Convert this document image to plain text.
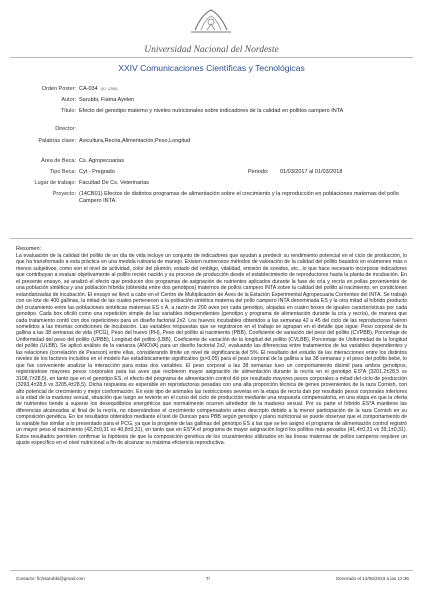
Universidad Nacional del Nordeste
XXIV Comunicaciones Científicas y Tecnológicas
Orden Poster: CA-034 (ID: 1290)
Autor: Sarubbi, Fiama Ayelen
Título: Efecto del genotipo materno y niveles nutricionales sobre indicadores de la calidad en pollitos campero INTA
Director:
Palabras clave: Avicultura,Recria,Alimentación,Peso,Longitud
Área de Beca: Cs. Agropecuarias
Tipo Beca: Cyt - Pregrado	Periodo: 01/03/2017 al 01/03/2018
Lugar de trabajo: Facultad De Cs. Veterinarias
Proyecto: (14CB01) Efectos de distintos programas de alimentación sobre el crecimiento y la reproducción en poblaciones maternas del pollo Campero INTA.
Resumen:
La evaluación de la calidad del pollito de un día de vida incluye un conjunto de indicadores que ayudan a predecir su rendimiento potencial en el ciclo de producción, lo que ha transformado a esta práctica en una medida rutinaria de manejo. Existen numerosos métodos de valoración de la calidad del pollito basados en exámenes más o menos subjetivos, como son el nivel de actividad, color del plumón, estado del ombligo, vitalidad, emisión de sonidos, etc., lo que hace necesario incorporar indicadores que contribuyan a evaluar objetivamente al pollito recién nacido y su proceso de producción desde el establecimiento de reproductores hasta la planta de incubación. En el presente ensayo, se analizó el efecto que producen dos programas de asignación de nutrientes aplicados durante la fase de cría y recría en pollas provenientes de una población sintética y una población híbrida (obtenida entre dos genotipos) maternos de pollos campero INTA sobre la calidad del pollito al nacimiento, en condiciones estandarizadas de incubación. El ensayo se llevó a cabo en el Centro de Multiplicación de Aves de la Estación Experimental Agropecuaria Corrientes del INTA. Se trabajó con un lote de 400 gallinas, la mitad de las cuales pertenecen a la población sintética materna del pollo campero INTA denominada ES y la otra mitad al híbrido producto del cruzamiento entre las poblaciones sintéticas maternas ES x A, a razón de 200 aves por cada genotipo, alojadas en cuatro boxes de iguales características por cada genotipo. Cada box oficiló como una repetición simple de las variables independientes (genotipo y programa de alimentación durante la cría y recría), de manera que cada tratamiento contó con dos repeticiones para un diseño factorial 2x2. Los huevos incubables obtenidos a las semanas 42 a 45 del ciclo de las reproductoras fueron sometidos a las mismas condiciones de incubación. Las variables respuestas que se registraron en el trabajo se agrupan en el detalle que sigue: Peso corporal de la gallina a las 38 semanas de vida (PCG), Peso del huevo (PH), Peso del pollito al nacimiento (PBB), Coeficiente de variación del peso del pollito (CVPBB), Porcentaje de Uniformidad del peso del pollito (UPBB), Longitud del pollito (LBB), Coeficiente de variación de la longitud del pollito (CVLBB), Porcentaje de Uniformidad de la longitud del pollito (ULBB). Se aplicó análisis de la varianza (ANOVA) para un diseño factorial 2x2, evaluando las diferencias entre tratamientos de las variables dependientes y las relaciones (correlación de Pearson) entre ellas, considerando límite un nivel de significancia del 5%. El resultado del estudio de las interacciones entre los distintos niveles de los factores incluidos en el modelo fue estadísticamente significativo (p>0,05) para el peso corporal de la gallina a las 38 semanas y el peso del pollito bebé, lo que fue conveniente analizar la interacción para estas dos variables. El peso corporal a las 38 semanas tuvo un comportamiento disímil para ambos genotipos, registrándose mayores pesos corporales para las aves que recibieron mayor asignación de alimentación durante la recría en el genotipo ES*A (3201,2±28,5 vs 3108,7±28,5), en tanto que en el genotipo ES, el efecto del programa de alimentación control dió por resultado mayores pesos corporales a mitad del ciclo de producción (3293,4±28,5 vs 3205,4±28,5). Dicha respuesta es esperable en reproductoras pesadas con una alta proporción técnica de genes provenientes de la raza Cornish, con alto potencial de crecimiento y mejor conformación. En este tipo de animales las restricciones severas en la etapa de recría dan por resultado pesos corporales inferiores a la edad de la madurez sexual, situación que luego se revierte en el curso del ciclo de producción mediante una respuesta compensatoria, en una etapa en que la oferta de nutrientes tiende a superar los desequilibrios energéticos que normalmente ocurren alrededor de la madurez sexual. Por su parte el híbrido ES*A mantiene las diferencias alcanzadas al final de la recría, no observándose el crecimiento compensatorio antes descripto debido a la menor participación de la raza Cornish en su composición genética. En los resultados obtenidos mediante el test de Duncan para PBB según genotipo y plano nutricional se puede observar que el comportamiento de la variable fue similar a lo presentado para el PCG, ya que la progenie de las gallinas del genotipo ES a las que se les asignó el programa de alimentación control registró un mayor peso al nacimiento (42,2±0,31 vs 40,8±0,31), en tanto que en ES*A el programa de mayor asignación logró los pollitos más pesados (41,4±0,31 vs 39,1±0,31). Estos resultados permiten confirmar la hipótesis de que la composición genética de los cruzamientos utilizados en las líneas maternas de pollos camperos requiere un ajuste específico en el nivel nutricional a fin de alcanzar su máxima eficiencia reproductiva.
Contacto: fichsarubbi@gmail.com	Ti	Generado el 14/06/2023 a las 12:36
